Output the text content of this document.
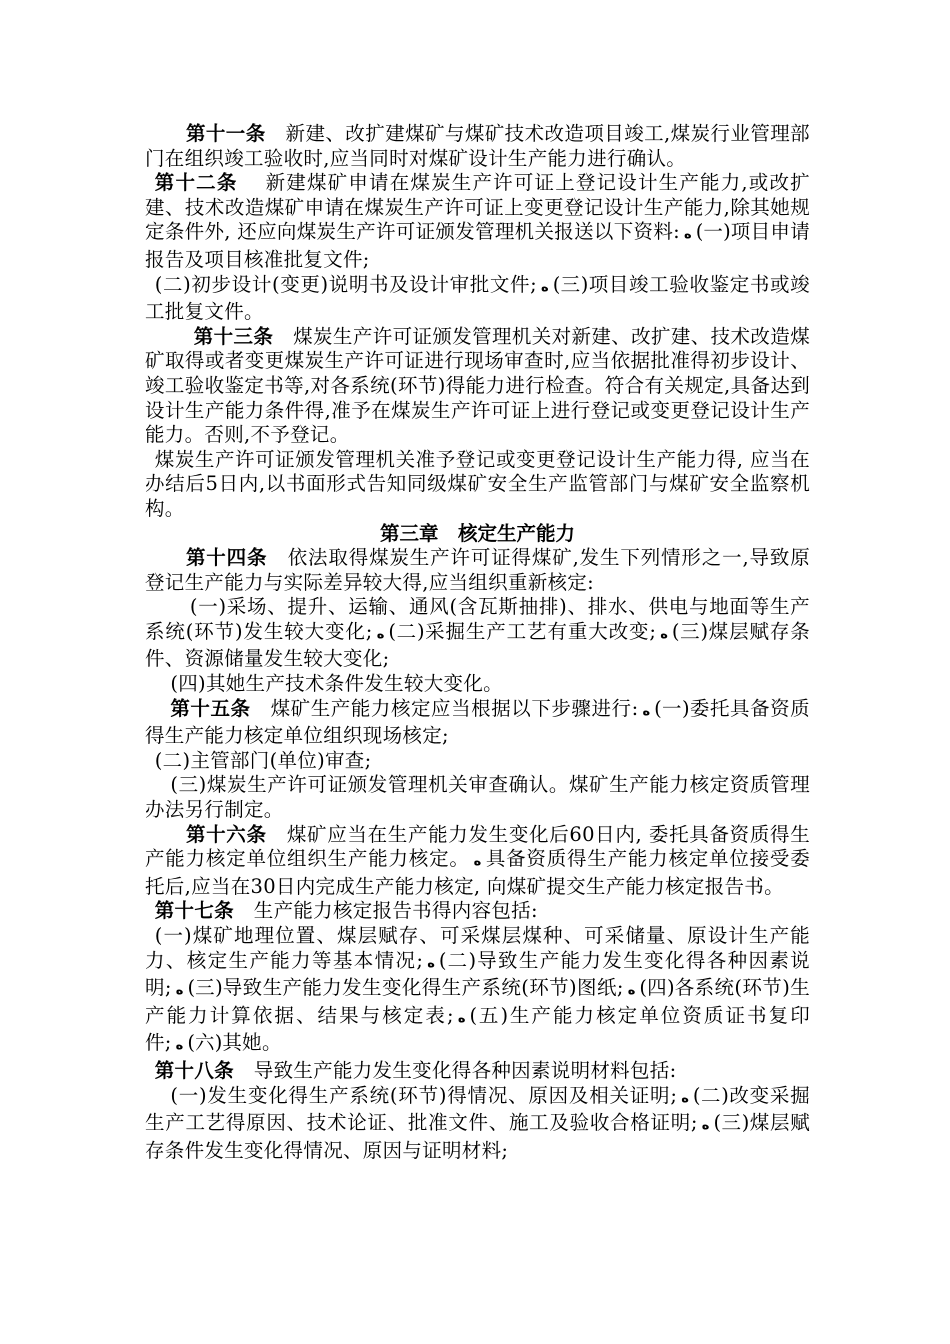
第十一条　 新建、改扩建煤矿与煤矿技术改造项目竣工,煤炭行业管理部门在组织竣工验收时,应当同时对煤矿设计生产能力进行确认。

第十二条　 新建煤矿申请在煤炭生产许可证上登记设计生产能力,或改扩建、技术改造煤矿申请在煤炭生产许可证上变更登记设计生产能力,除其她规定条件外, 还应向煤炭生产许可证颁发管理机关报送以下资料: ﻩ (一)项目申请报告及项目核准批复文件;

(二)初步设计(变更)说明书及设计审批文件; ﻩ (三)项目竣工验收鉴定书或竣工批复文件。

第十三条　 煤炭生产许可证颁发管理机关对新建、改扩建、技术改造煤矿取得或者变更煤炭生产许可证进行现场审查时,应当依据批准得初步设计、竣工验收鉴定书等,对各系统(环节)得能力进行检查。符合有关规定,具备达到设计生产能力条件得,准予在煤炭生产许可证上进行登记或变更登记设计生产能力。否则,不予登记。

煤炭生产许可证颁发管理机关准予登记或变更登记设计生产能力得, 应当在办结后5日内,以书面形式告知同级煤矿安全生产监管部门与煤矿安全监察机构。

第三章　核定生产能力

第十四条　 依法取得煤炭生产许可证得煤矿,发生下列情形之一,导致原登记生产能力与实际差异较大得,应当组织重新核定:

(一)采场、提升、运输、通风(含瓦斯抽排)、排水、供电与地面等生产系统(环节)发生较大变化; ﻩ (二)采掘生产工艺有重大改变; ﻩ (三)煤层赋存条件、资源储量发生较大变化;

(四)其她生产技术条件发生较大变化。

第十五条　 煤矿生产能力核定应当根据以下步骤进行: ﻩ (一)委托具备资质得生产能力核定单位组织现场核定;

(二)主管部门(单位)审查;

(三)煤炭生产许可证颁发管理机关审查确认。煤矿生产能力核定资质管理办法另行制定。

第十六条　 煤矿应当在生产能力发生变化后60日内, 委托具备资质得生产能力核定单位组织生产能力核定。 ﻩ 具备资质得生产能力核定单位接受委托后,应当在30日内完成生产能力核定, 向煤矿提交生产能力核定报告书。

第十七条　 生产能力核定报告书得内容包括:

(一)煤矿地理位置、煤层赋存、可采煤层煤种、可采储量、原设计生产能力、核定生产能力等基本情况; ﻩ (二)导致生产能力发生变化得各种因素说明; ﻩ (三)导致生产能力发生变化得生产系统(环节)图纸; ﻩ (四)各系统(环节)生产能力计算依据、结果与核定表; ﻩ (五)生产能力核定单位资质证书复印件; ﻩ (六)其她。

第十八条　 导致生产能力发生变化得各种因素说明材料包括:

(一)发生变化得生产系统(环节)得情况、原因及相关证明; ﻩ (二)改变采掘生产工艺得原因、技术论证、批准文件、施工及验收合格证明; ﻩ (三)煤层赋存条件发生变化得情况、原因与证明材料;
